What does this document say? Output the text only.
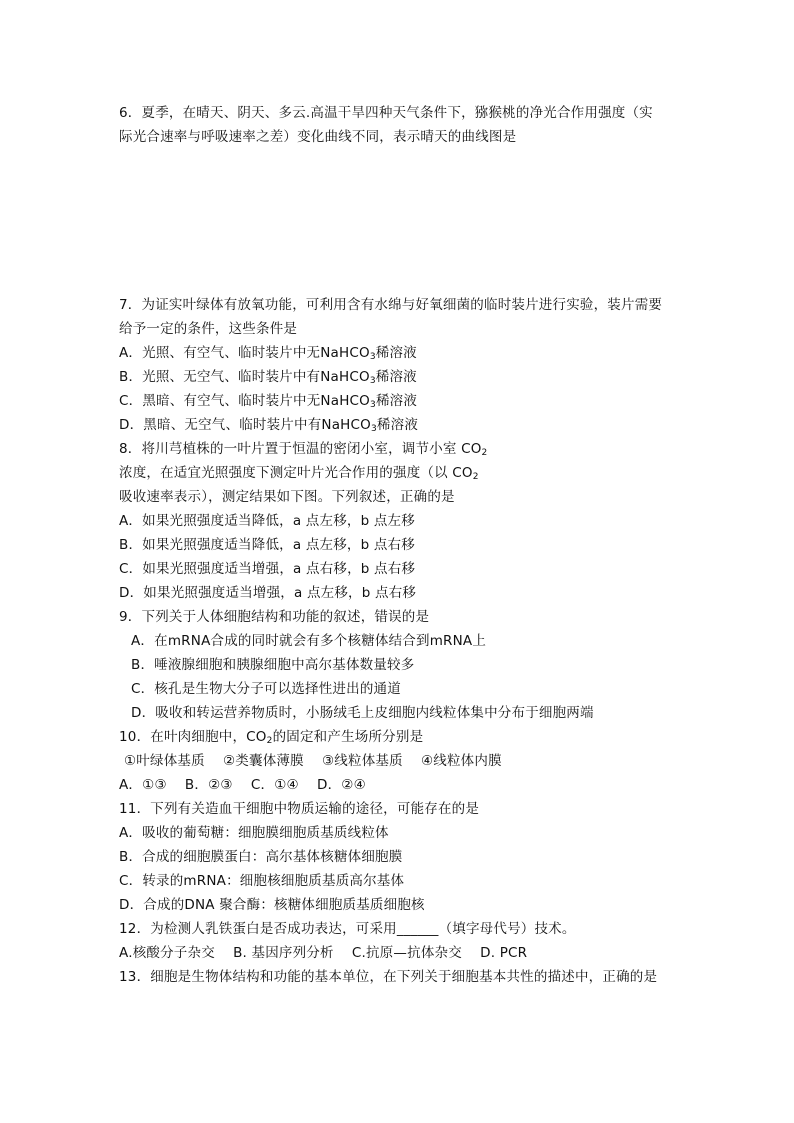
6．夏季，在晴天、阴天、多云.高温干旱四种天气条件下，猕猴桃的净光合作用强度（实
际光合速率与呼吸速率之差）变化曲线不同，表示晴天的曲线图是
7．为证实叶绿体有放氧功能，可利用含有水绵与好氧细菌的临时装片进行实验，装片需要
给予一定的条件，这些条件是
A．光照、有空气、临时装片中无NaHCO$_3$稀溶液
B．光照、无空气、临时装片中有NaHCO$_3$稀溶液
C．黑暗、有空气、临时装片中无NaHCO$_3$稀溶液
D．黑暗、无空气、临时装片中有NaHCO$_3$稀溶液
8．将川芎植株的一叶片置于恒温的密闭小室，调节小室 $CO_2$
浓度，在适宜光照强度下测定叶片光合作用的强度（以 $CO_2$
吸收速率表示），测定结果如下图。下列叙述，正确的是
A．如果光照强度适当降低，a 点左移，b 点左移
B．如果光照强度适当降低，a 点左移，b 点右移
C．如果光照强度适当增强，a 点右移，b 点右移
D．如果光照强度适当增强，a 点左移，b 点右移
9．下列关于人体细胞结构和功能的叙述，错误的是
A．在mRNA合成的同时就会有多个核糖体结合到mRNA上
B．唾液腺细胞和胰腺细胞中高尔基体数量较多
C．核孔是生物大分子可以选择性进出的通道
D．吸收和转运营养物质时，小肠绒毛上皮细胞内线粒体集中分布于细胞两端
10．在叶肉细胞中，$CO_2$的固定和产生场所分别是
①叶绿体基质　 ②类囊体薄膜　 ③线粒体基质　 ④线粒体内膜
A．①③　 B．②③　 C．①④　 D．②④
11．下列有关造血干细胞中物质运输的途径，可能存在的是
A．吸收的葡萄糖：细胞膜细胞质基质线粒体
B．合成的细胞膜蛋白：高尔基体核糖体细胞膜
C．转录的mRNA：细胞核细胞质基质高尔基体
D．合成的DNA 聚合酶：核糖体细胞质基质细胞核
12．为检测人乳铁蛋白是否成功表达，可采用______（填字母代号）技术。
A.核酸分子杂交　 B. 基因序列分析　 C.抗原—抗体杂交　 D. PCR
13．细胞是生物体结构和功能的基本单位，在下列关于细胞基本共性的描述中，正确的是
